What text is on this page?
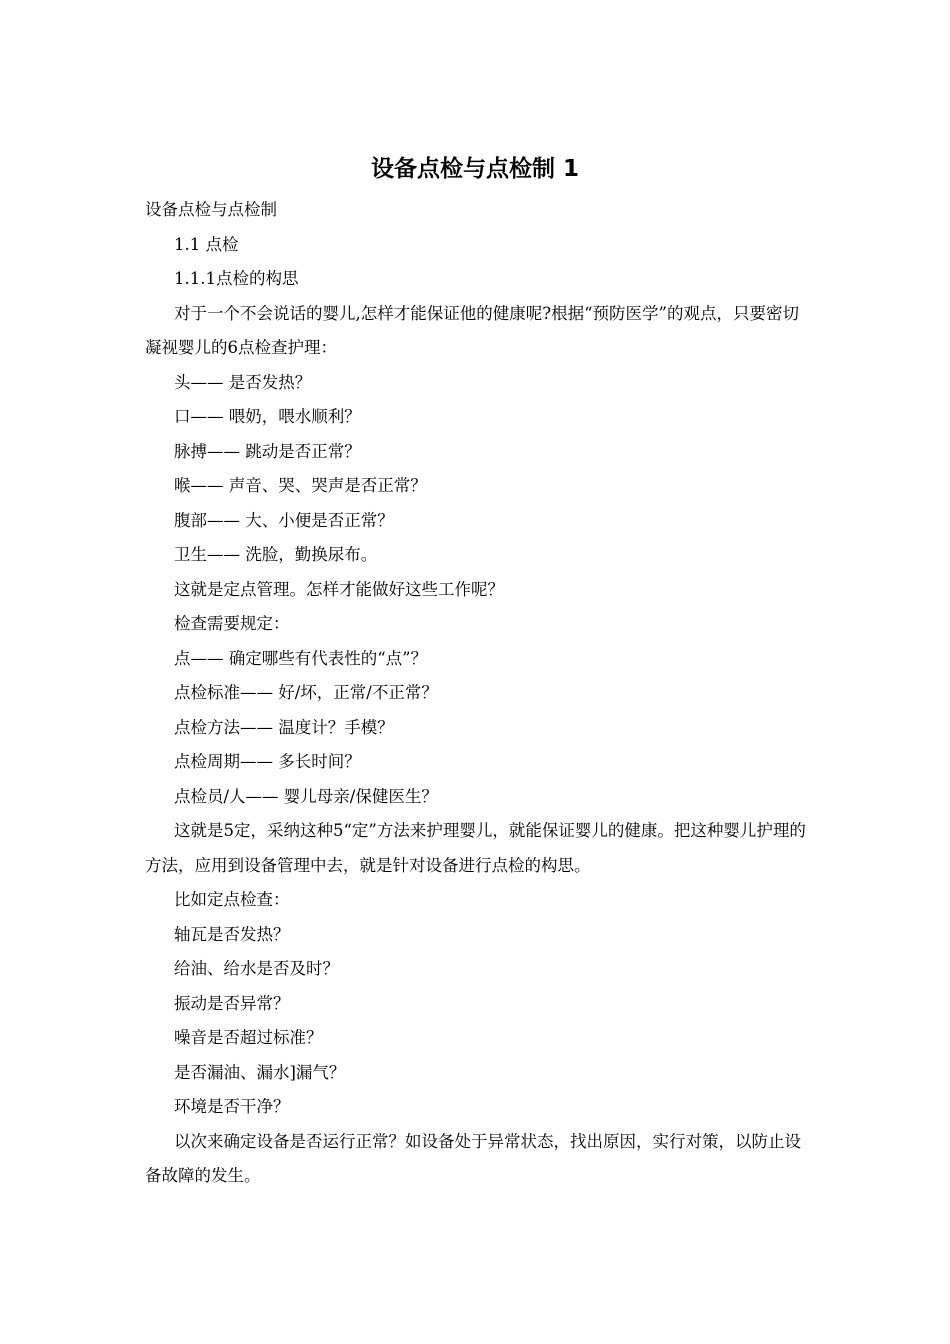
设备点检与点检制 1

设备点检与点检制

1.1 点检

1.1.1点检的构思

对于一个不会说话的婴儿,怎样才能保证他的健康呢?根据“预防医学”的观点，只要密切凝视婴儿的6点检查护理：

头—— 是否发热？

口—— 喂奶，喂水顺利？

脉搏—— 跳动是否正常？

喉—— 声音、哭、哭声是否正常？

腹部—— 大、小便是否正常？

卫生—— 洗脸，勤换尿布。

这就是定点管理。怎样才能做好这些工作呢？

检查需要规定：

点—— 确定哪些有代表性的“点”？

点检标准—— 好/坏，正常/不正常？

点检方法—— 温度计？手模？

点检周期—— 多长时间？

点检员/人—— 婴儿母亲/保健医生？

这就是5定，采纳这种5“定”方法来护理婴儿，就能保证婴儿的健康。把这种婴儿护理的方法，应用到设备管理中去，就是针对设备进行点检的构思。

比如定点检查：

轴瓦是否发热？

给油、给水是否及时？

振动是否异常？

噪音是否超过标准？

是否漏油、漏水]漏气？

环境是否干净？

以次来确定设备是否运行正常？如设备处于异常状态，找出原因，实行对策，以防止设备故障的发生。
